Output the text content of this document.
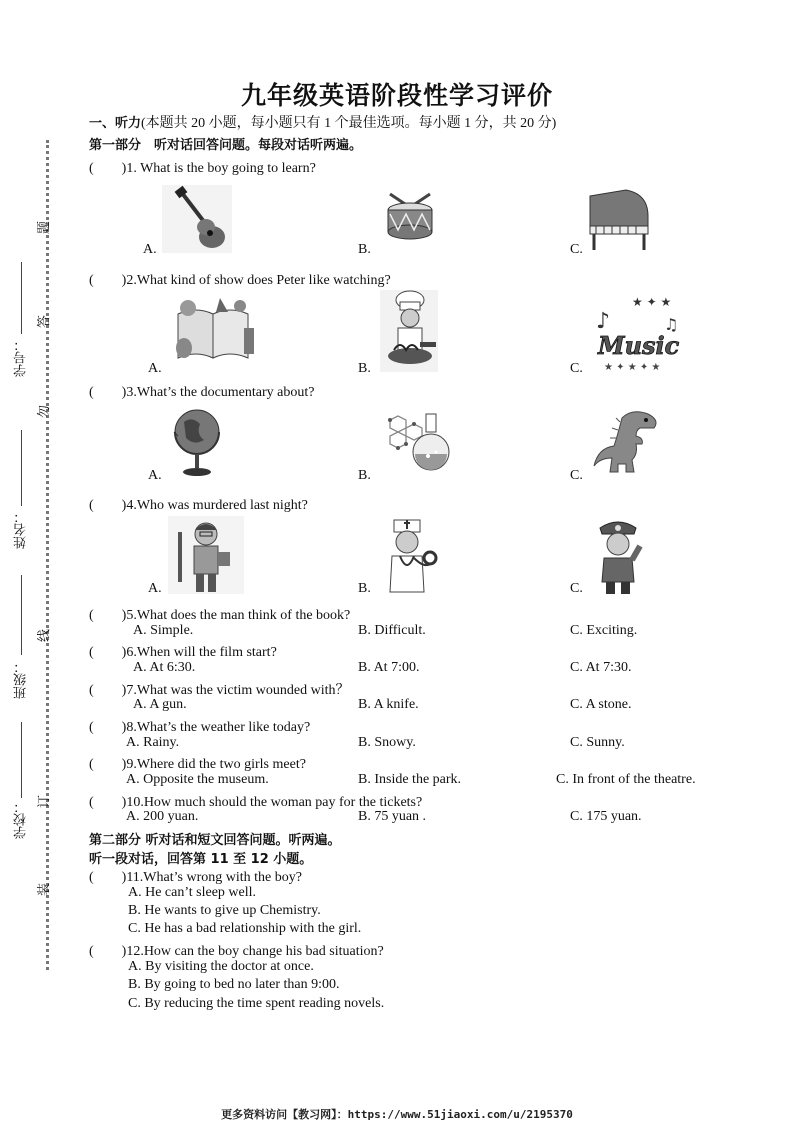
题
答
勿
线
订
装
学号：
姓名：
班级：
学校：
九年级英语阶段性学习评价
一、听力(本题共 20 小题，每小题只有 1 个最佳选项。每小题 1 分，共 20 分)
第一部分　听对话回答问题。每段对话听两遍。
(　　)1. What is the boy going to learn?
A.	B.	C.
(　　)2.What kind of show does Peter like watching?
A.	B.	C.
★ ✦ ★
♪	♫
Music
★ ✦ ★ ✦ ★
(　　)3.What’s the documentary about?
A.	B.	C.
(　　)4.Who was murdered last night?
A.	B.	C.
(　　)5.What does the man think of the book?
A. Simple.	B. Difficult.	C. Exciting.
(　　)6.When will the film start?
A. At 6:30.	B. At 7:00.	C. At 7:30.
(　　)7.What was the victim wounded with？
A. A gun.	B. A knife.	C. A stone.
(　　)8.What’s the weather like today?
A. Rainy.	B. Snowy.	C. Sunny.
(　　)9.Where did the two girls meet?
A. Opposite the museum.	B. Inside the park.	C. In front of the theatre.
(　　)10.How much should the woman pay for the tickets?
A. 200 yuan.	B. 75 yuan .	C. 175 yuan.
第二部分 听对话和短文回答问题。听两遍。
听一段对话，回答第 11 至 12 小题。
(　　)11.What’s wrong with the boy?
A. He can’t sleep well.
B. He wants to give up Chemistry.
C. He has a bad relationship with the girl.
(　　)12.How can the boy change his bad situation?
A. By visiting the doctor at once.
B. By going to bed no later than 9:00.
C. By reducing the time spent reading novels.
更多资料访问【教习网】：https://www.51jiaoxi.com/u/2195370
